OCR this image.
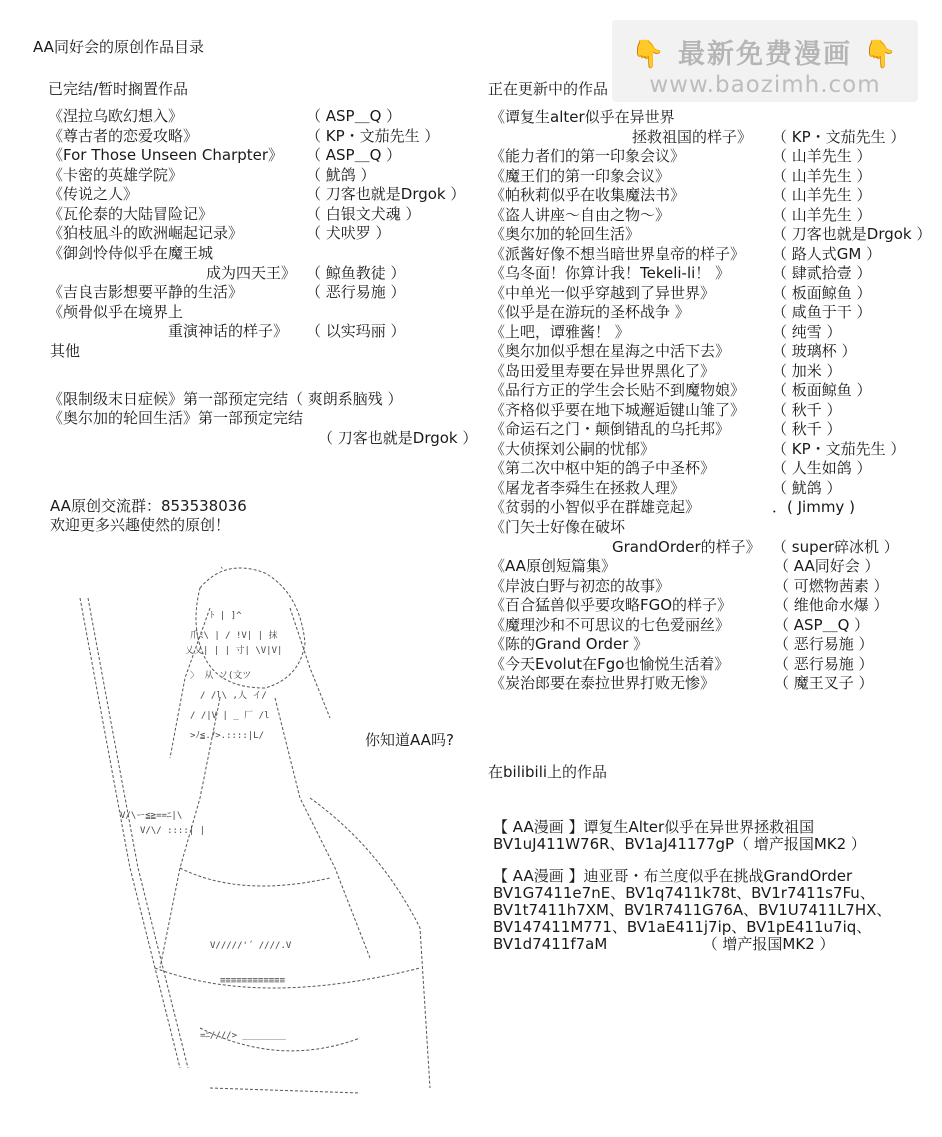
👇 最新免费漫画 👇
www.baozimh.com
AA同好会的原创作品目录
已完结/暂时搁置作品
《涅拉乌欧幻想入》	（ ASP＿Q ）
《尊古者的恋爱攻略》	（ KP・文茄先生 ）
《For Those Unseen Charpter》 （ ASP＿Q ）
《卡密的英雄学院》	（ 魷鸽 ）
《传说之人》	（ 刀客也就是Drgok ）
《瓦伦泰的大陆冒险记》	（ 白银文犬魂 ）
《狛枝凪斗的欧洲崛起记录》	（ 犬吠罗 ）
《御剑怜侍似乎在魔王城
成为四天王》 （ 鲸鱼教徒 ）
《吉良吉影想要平静的生活》	（ 恶行易施 ）
《颅骨似乎在境界上
重演神话的样子》 （ 以实玛丽 ）
其他
《限制级末日症候》第一部预定完结（ 爽朗系脑残 ）
《奥尔加的轮回生活》第一部预定完结
（ 刀客也就是Drgok ）
AA原创交流群：853538036
欢迎更多兴趣使然的原创！
、
ﾄ | ]^
爪ﾐ\ | / !V| | 抹
乂乂| | | 寸| \V|V|
〉 从 ソ(文ツ
/ /l\ ,人 イ/
/ /|V | _ 厂 /l
>ﾉ≦.ﾉ>.::::|L/
V/\ー≦≧==ﾆ|\
V/\/ ::::| |
V/////'´ ////.V
≡≡≡≡≡≡≡≡≡≡≡≡
=ﾆ////> ________
你知道AA吗?
正在更新中的作品
《谭复生alter似乎在异世界
拯救祖国的样子》 （ KP・文茄先生 ）
《能力者们的第一印象会议》	（ 山羊先生 ）
《魔王们的第一印象会议》	（ 山羊先生 ）
《帕秋莉似乎在收集魔法书》	（ 山羊先生 ）
《盗人讲座～自由之物～》	（ 山羊先生 ）
《奥尔加的轮回生活》	（ 刀客也就是Drgok ）
《派酱好像不想当暗世界皇帝的样子》 （ 路人式GM ）
《乌冬面！你算计我！Tekeli-li！ 》	（ 肆贰拾壹 ）
《中单光一似乎穿越到了异世界》	（ 板面鲸鱼 ）
《似乎是在游玩的圣杯战争 》	（ 咸鱼于干 ）
《上吧，谭雅酱！ 》	（ 纯雪 ）
《奥尔加似乎想在星海之中活下去》	（ 玻璃杯 ）
《岛田爱里寿要在异世界黑化了》	（ 加米 ）
《品行方正的学生会长贴不到魔物娘》 （ 板面鲸鱼 ）
《齐格似乎要在地下城邂逅键山雏了》 （ 秋千 ）
《命运石之门・颠倒错乱的乌托邦》	（ 秋千 ）
《大侦探刘公嗣的忧郁》	（ KP・文茄先生 ）
《第二次中枢中矩的鸽子中圣杯》	（ 人生如鸽 ）
《屠龙者李舜生在拯救人理》	（ 魷鸽 ）
《贫弱的小智似乎在群雄竞起》	．( Jimmy )
《门矢士好像在破坏
GrandOrder的样子》 （ super碎冰机 ）
《AA原创短篇集》	（ AA同好会 ）
《岸波白野与初恋的故事》	（ 可燃物茜素 ）
《百合猛兽似乎要攻略FGO的样子》	（ 维他命水爆 ）
《魔理沙和不可思议的七色爱丽丝》	（ ASP＿Q ）
《陈的Grand Order 》	（ 恶行易施 ）
《今天Evolut在Fgo也愉悦生活着》	（ 恶行易施 ）
《炭治郎要在泰拉世界打败无惨》	（ 魔王叉子 ）
在bilibili上的作品
【 AA漫画 】谭复生Alter似乎在异世界拯救祖国
BV1uJ411W76R、BV1aJ41177gP（ 增产报国MK2 ）
【 AA漫画 】迪亚哥・布兰度似乎在挑战GrandOrder
BV1G7411e7nE、BV1q7411k78t、BV1r7411s7Fu、
BV1t7411h7XM、BV1R7411G76A、BV1U7411L7HX、
BV147411M771、BV1aE411j7ip、BV1pE411u7iq、
BV1d7411f7aM                    （ 增产报国MK2 ）
